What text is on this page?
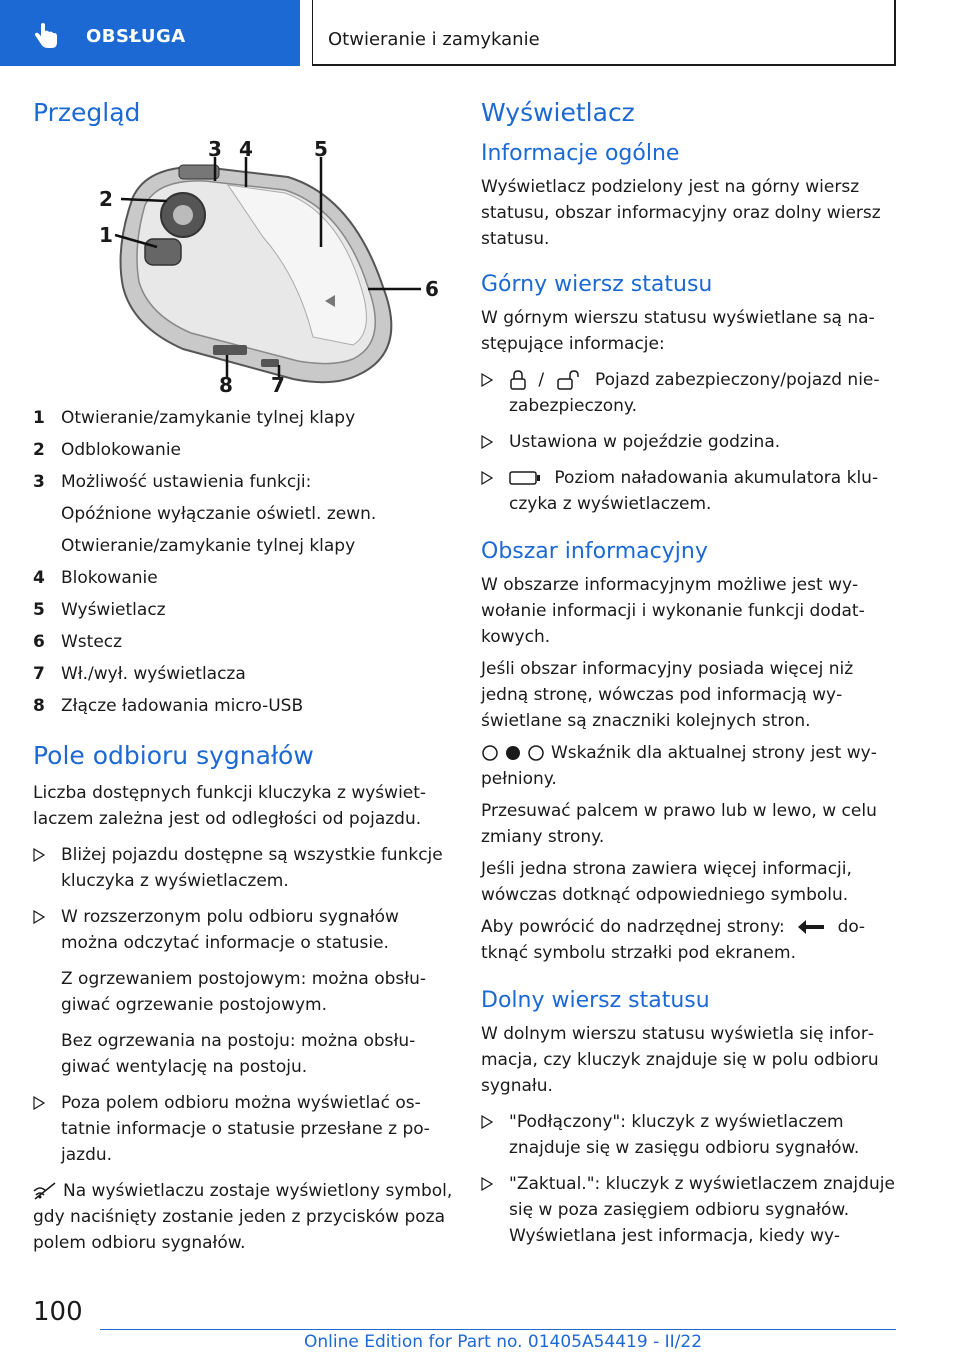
OBSŁUGA	Otwieranie i zamykanie
Przegląd
3 4	5
2
1
6
8 7
1 Otwieranie/zamykanie tylnej klapy
2 Odblokowanie
3 Możliwość ustawienia funkcji:
Opóźnione wyłączanie oświetl. zewn.
Otwieranie/zamykanie tylnej klapy
4 Blokowanie
5 Wyświetlacz
6 Wstecz
7 Wł./wył. wyświetlacza
8 Złącze ładowania micro-USB
Pole odbioru sygnałów

Liczba dostępnych funkcji kluczyka z wyświetlaczem zależna jest od odległości od pojazdu.

Bliżej pojazdu dostępne są wszystkie funkcje kluczyka z wyświetlaczem.
W rozszerzonym polu odbioru sygnałów można odczytać informacje o statusie.
Z ogrzewaniem postojowym: można obsługiwać ogrzewanie postojowym.
Bez ogrzewania na postoju: można obsługiwać wentylację na postoju.
Poza polem odbioru można wyświetlać ostatnie informacje o statusie przesłane z pojazdu.

Na wyświetlaczu zostaje wyświetlony symbol, gdy naciśnięty zostanie jeden z przycisków poza polem odbioru sygnałów.

Wyświetlacz
Informacje ogólne

Wyświetlacz podzielony jest na górny wiersz statusu, obszar informacyjny oraz dolny wiersz statusu.

Górny wiersz statusu

W górnym wierszu statusu wyświetlane są następujące informacje:

/	Pojazd zabezpieczony/pojazd niezabezpieczony.
Ustawiona w pojeździe godzina.
Poziom naładowania akumulatora kluczyka z wyświetlaczem.
Obszar informacyjny

W obszarze informacyjnym możliwe jest wywołanie informacji i wykonanie funkcji dodatkowych.

Jeśli obszar informacyjny posiada więcej niż jedną stronę, wówczas pod informacją wyświetlane są znaczniki kolejnych stron.

Wskaźnik dla aktualnej strony jest wypełniony.

Przesuwać palcem w prawo lub w lewo, w celu zmiany strony.

Jeśli jedna strona zawiera więcej informacji, wówczas dotknąć odpowiedniego symbolu.

Aby powrócić do nadrzędnej strony:	dotknąć symbolu strzałki pod ekranem.

Dolny wiersz statusu

W dolnym wierszu statusu wyświetla się informacja, czy kluczyk znajduje się w polu odbioru sygnału.

"Podłączony": kluczyk z wyświetlaczem znajduje się w zasięgu odbioru sygnałów.
"Zaktual.": kluczyk z wyświetlaczem znajduje się w poza zasięgiem odbioru sygnałów. Wyświetlana jest informacja, kiedy wy-
100
Online Edition for Part no. 01405A54419 - II/22
